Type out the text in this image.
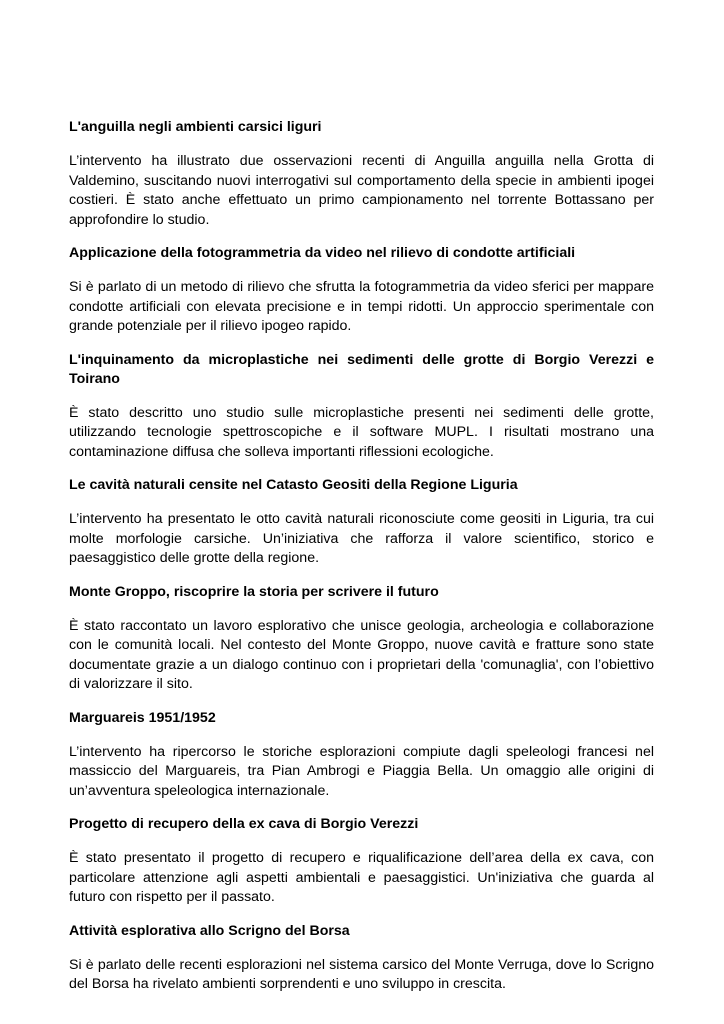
L'anguilla negli ambienti carsici liguri

L’intervento ha illustrato due osservazioni recenti di Anguilla anguilla nella Grotta di Valdemino, suscitando nuovi interrogativi sul comportamento della specie in ambienti ipogei costieri. È stato anche effettuato un primo campionamento nel torrente Bottassano per approfondire lo studio.

Applicazione della fotogrammetria da video nel rilievo di condotte artificiali

Si è parlato di un metodo di rilievo che sfrutta la fotogrammetria da video sferici per mappare condotte artificiali con elevata precisione e in tempi ridotti. Un approccio sperimentale con grande potenziale per il rilievo ipogeo rapido.

L'inquinamento da microplastiche nei sedimenti delle grotte di Borgio Verezzi e Toirano

È stato descritto uno studio sulle microplastiche presenti nei sedimenti delle grotte, utilizzando tecnologie spettroscopiche e il software MUPL. I risultati mostrano una contaminazione diffusa che solleva importanti riflessioni ecologiche.

Le cavità naturali censite nel Catasto Geositi della Regione Liguria

L’intervento ha presentato le otto cavità naturali riconosciute come geositi in Liguria, tra cui molte morfologie carsiche. Un’iniziativa che rafforza il valore scientifico, storico e paesaggistico delle grotte della regione.

Monte Groppo, riscoprire la storia per scrivere il futuro

È stato raccontato un lavoro esplorativo che unisce geologia, archeologia e collaborazione con le comunità locali. Nel contesto del Monte Groppo, nuove cavità e fratture sono state documentate grazie a un dialogo continuo con i proprietari della 'comunaglia', con l’obiettivo di valorizzare il sito.

Marguareis 1951/1952

L’intervento ha ripercorso le storiche esplorazioni compiute dagli speleologi francesi nel massiccio del Marguareis, tra Pian Ambrogi e Piaggia Bella. Un omaggio alle origini di un’avventura speleologica internazionale.

Progetto di recupero della ex cava di Borgio Verezzi

È stato presentato il progetto di recupero e riqualificazione dell’area della ex cava, con particolare attenzione agli aspetti ambientali e paesaggistici. Un'iniziativa che guarda al futuro con rispetto per il passato.

Attività esplorativa allo Scrigno del Borsa

Si è parlato delle recenti esplorazioni nel sistema carsico del Monte Verruga, dove lo Scrigno del Borsa ha rivelato ambienti sorprendenti e uno sviluppo in crescita.
